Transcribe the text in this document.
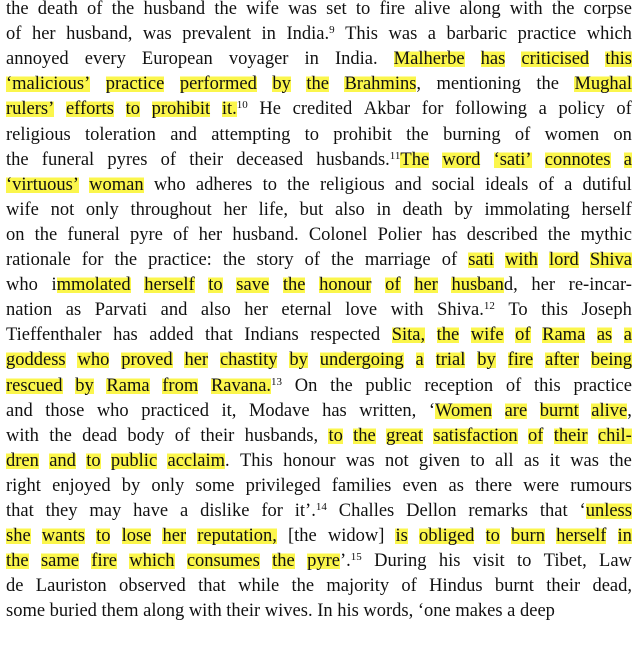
the death of the husband the wife was set to fire alive along with the corpse
of her husband, was prevalent in India.$^9$ This was a barbaric practice which
annoyed every European voyager in India. Malherbe has criticised this
‘malicious’ practice performed by the Brahmins, mentioning the Mughal
rulers’ efforts to prohibit it.$^{10}$ He credited Akbar for following a policy of
religious toleration and attempting to prohibit the burning of women on
the funeral pyres of their deceased husbands.$^{11}$The word ‘sati’ connotes a
‘virtuous’ woman who adheres to the religious and social ideals of a dutiful
wife not only throughout her life, but also in death by immolating herself
on the funeral pyre of her husband. Colonel Polier has described the mythic
rationale for the practice: the story of the marriage of sati with lord Shiva
who immolated herself to save the honour of her husband, her re-incar-
nation as Parvati and also her eternal love with Shiva.$^{12}$ To this Joseph
Tieffenthaler has added that Indians respected Sita, the wife of Rama as a
goddess who proved her chastity by undergoing a trial by fire after being
rescued by Rama from Ravana.$^{13}$ On the public reception of this practice
and those who practiced it, Modave has written, ‘Women are burnt alive,
with the dead body of their husbands, to the great satisfaction of their chil-
dren and to public acclaim. This honour was not given to all as it was the
right enjoyed by only some privileged families even as there were rumours
that they may have a dislike for it’.$^{14}$ Challes Dellon remarks that ‘unless
she wants to lose her reputation, [the widow] is obliged to burn herself in
the same fire which consumes the pyre’.$^{15}$ During his visit to Tibet, Law
de Lauriston observed that while the majority of Hindus burnt their dead,
some buried them along with their wives. In his words, ‘one makes a deep
